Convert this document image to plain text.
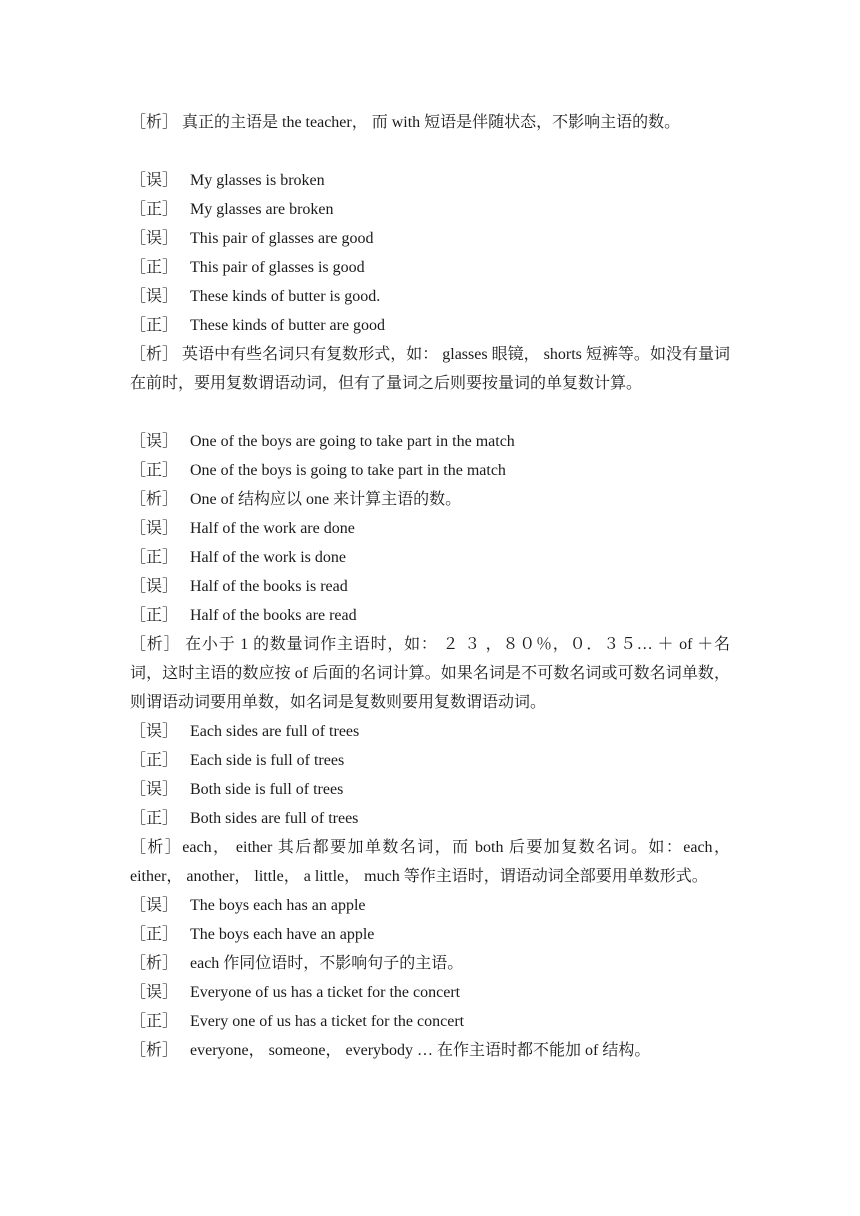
［析］ 真正的主语是 the teacher， 而 with 短语是伴随状态，不影响主语的数。
［误］ My glasses is broken
［正］ My glasses are broken
［误］ This pair of glasses are good
［正］ This pair of glasses is good
［误］ These kinds of butter is good.
［正］ These kinds of butter are good
［析］ 英语中有些名词只有复数形式，如： glasses 眼镜， shorts 短裤等。如没有量词在前时，要用复数谓语动词，但有了量词之后则要按量词的单复数计算。
［误］ One of the boys are going to take part in the match
［正］ One of the boys is going to take part in the match
［析］ One of 结构应以 one 来计算主语的数。
［误］ Half of the work are done
［正］ Half of the work is done
［误］ Half of the books is read
［正］ Half of the books are read
［析］ 在小于 1 的数量词作主语时，如： ２ ３ ，８０％，０．３５… ＋ of ＋名词，这时主语的数应按 of 后面的名词计算。如果名词是不可数名词或可数名词单数，则谓语动词要用单数，如名词是复数则要用复数谓语动词。
［误］ Each sides are full of trees
［正］ Each side is full of trees
［误］ Both side is full of trees
［正］ Both sides are full of trees
［析］each， either 其后都要加单数名词，而 both 后要加复数名词。如：each，either， another， little， a little， much 等作主语时，谓语动词全部要用单数形式。
［误］ The boys each has an apple
［正］ The boys each have an apple
［析］ each 作同位语时，不影响句子的主语。
［误］ Everyone of us has a ticket for the concert
［正］ Every one of us has a ticket for the concert
［析］ everyone， someone， everybody … 在作主语时都不能加 of 结构。
